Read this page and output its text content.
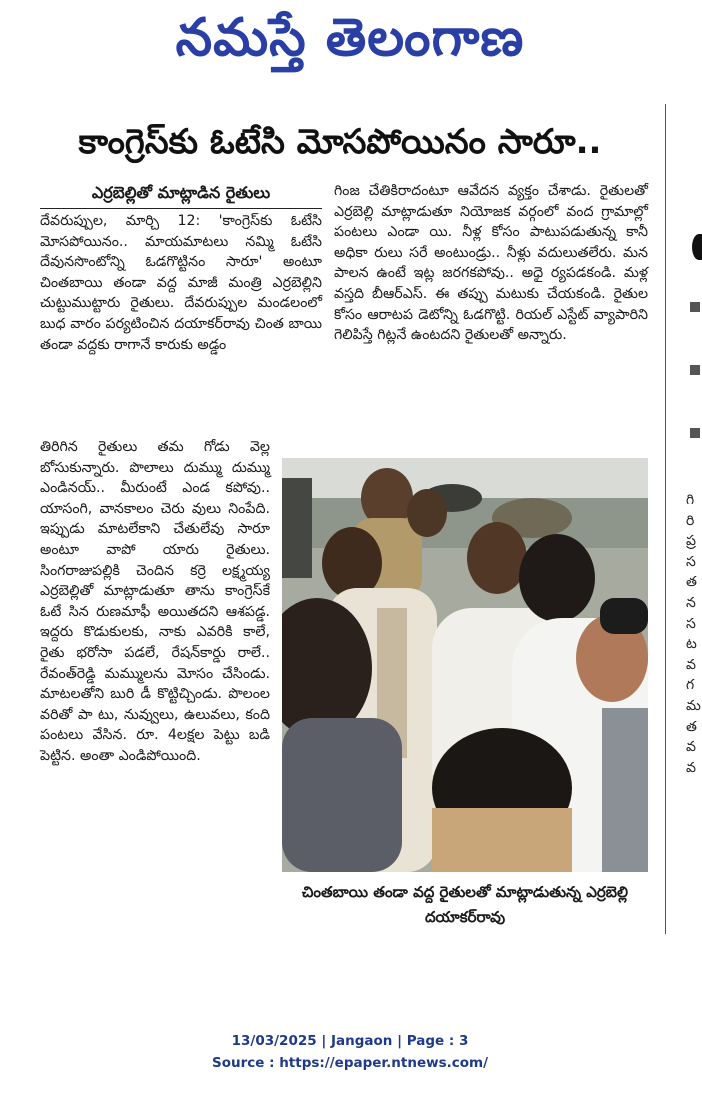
నమస్తే తెలంగాణ
కాంగ్రెస్‌కు ఓటేసి మోసపోయినం సారూ..
ఎర్రబెల్లితో మాట్లాడిన రైతులు
దేవరుప్పుల, మార్చి 12: 'కాంగ్రెస్‌కు ఓటేసి మోసపోయినం.. మాయమాటలు నమ్మి ఓటేసి దేవునసొంటోన్ని ఓడగొట్టినం సారూ' అంటూ చింతబాయి తండా వద్ద మాజీ మంత్రి ఎర్రబెల్లిని చుట్టుముట్టారు రైతులు. దేవరుప్పుల మండలంలో బుధ వారం పర్యటించిన దయాకర్‌రావు చింత బాయి తండా వద్దకు రాగానే కారుకు అడ్డం
తిరిగిన రైతులు తమ గోడు వెల్ల బోసుకున్నారు. పొలాలు దుమ్ము దుమ్ము ఎండినయ్.. మీరుంటే ఎండ కపోవు.. యాసంగి, వానకాలం చెరు వులు నింపేది. ఇప్పుడు మాటలేకాని చేతులేవు సారూ అంటూ వాపో యారు రైతులు. సింగరాజుపల్లికి చెందిన కర్రె లక్ష్మయ్య ఎర్రబెల్లితో మాట్లాడుతూ తాను కాంగ్రెస్‌కే ఓటే సిన రుణమాఫీ అయితదని ఆశపడ్డ. ఇద్దరు కొడుకులకు, నాకు ఎవరికి కాలే, రైతు భరోసా పడలే, రేషన్‌కార్డు రాలే.. రేవంత్‌రెడ్డి మమ్ములను మోసం చేసిండు. మాటలతోని బురి డీ కొట్టిచ్చిండు. పొలంల వరితో పా టు, నువ్వులు, ఉలువలు, కంది పంటలు వేసిన. రూ. 4లక్షల పెట్టు బడి పెట్టిన. అంతా ఎండిపోయింది.
గింజ చేతికిరాదంటూ ఆవేదన వ్యక్తం చేశాడు. రైతులతో ఎర్రబెల్లి మాట్లాడుతూ నియోజక వర్గంలో వంద గ్రామాల్లో పంటలు ఎండా యి. నీళ్ల కోసం పాటుపడుతున్న కానీ అధికా రులు సరే అంటుండ్రు.. నీళ్లు వదులుతలేరు. మన పాలన ఉంటే ఇట్ల జరగకపోవు.. అధై ర్యపడకండి. మళ్ల వస్తది బీఆర్‌ఎస్. ఈ తప్పు మటుకు చేయకండి. రైతుల కోసం ఆరాటప డెటోన్ని ఓడగొట్టి. రియల్ ఎస్టేట్ వ్యాపారిని గెలిపిస్తే గిట్లనే ఉంటదని రైతులతో అన్నారు.
చింతబాయి తండా వద్ద రైతులతో మాట్లాడుతున్న ఎర్రబెల్లి దయాకర్‌రావు
గి రి ప్ర స త న స ట వ గ మ త వ వ
13/03/2025 | Jangaon | Page : 3
Source : https://epaper.ntnews.com/
